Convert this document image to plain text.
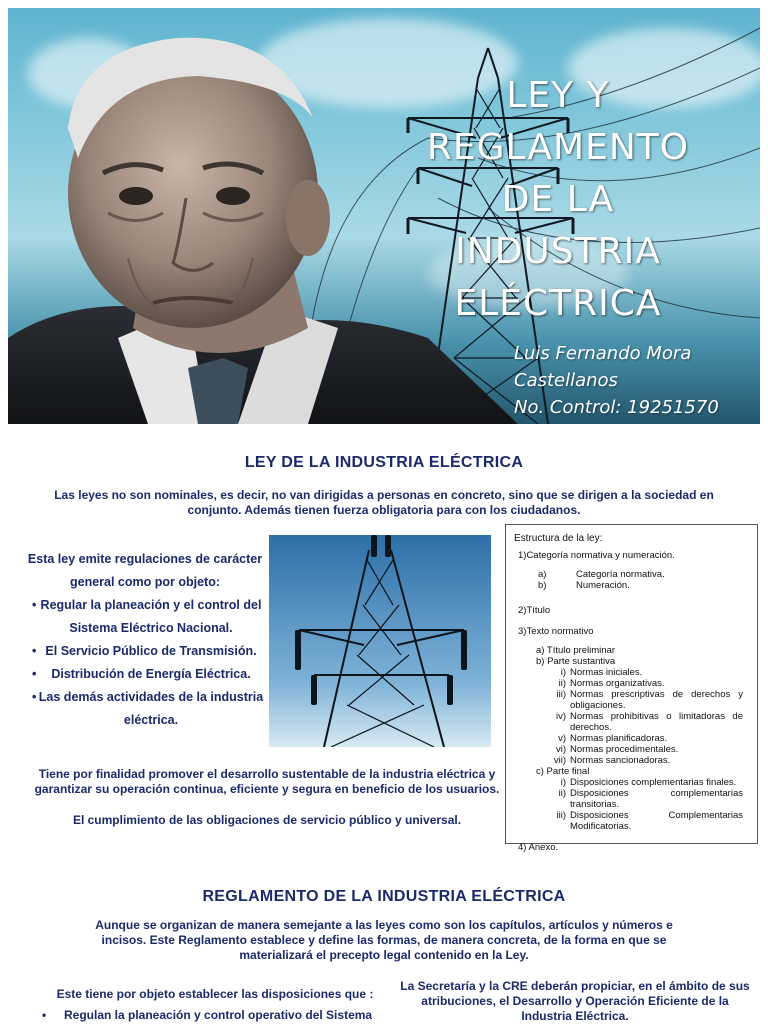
LEY Y
REGLAMENTO
DE LA
INDUSTRIA
ELÉCTRICA
Luis Fernando Mora
Castellanos
No. Control: 19251570
LEY DE LA INDUSTRIA ELÉCTRICA
Las leyes no son nominales, es decir, no van dirigidas a personas en concreto, sino que se dirigen a la sociedad en conjunto. Además tienen fuerza obligatoria para con los ciudadanos.
Esta ley emite regulaciones de carácter general como por objeto:
• Regular la planeación y el control del Sistema Eléctrico Nacional.
• El Servicio Público de Transmisión.
• Distribución de Energía Eléctrica.
• Las demás actividades de la industria eléctrica.
Estructura de la ley:
1)Categoría normativa y numeración.
a)	Categoría normativa.
b)	Numeración.
2)Título
3)Texto normativo
a) Título preliminar
b) Parte sustantiva
i) Normas iniciales.
ii) Normas organizativas.
iii) Normas prescriptivas de derechos y obligaciones.
iv) Normas prohibitivas o limitadoras de derechos.
v) Normas planificadoras.
vi) Normas procedimentales.
vii) Normas sancionadoras.
c) Parte final
i) Disposiciones complementarias finales.
ii) Disposiciones complementarias transitorias.
iii) Disposiciones Complementarias Modificatorias.
4) Anexo.
Tiene por finalidad promover el desarrollo sustentable de la industria eléctrica y garantizar su operación continua, eficiente y segura en beneficio de los usuarios.
El cumplimiento de las obligaciones de servicio público y universal.
REGLAMENTO DE LA INDUSTRIA ELÉCTRICA
Aunque se organizan de manera semejante a las leyes como son los capítulos, artículos y números e incisos. Este Reglamento establece y define las formas, de manera concreta, de la forma en que se materializará el precepto legal contenido en la Ley.
Este tiene por objeto establecer las disposiciones que :
• Regulan la planeación y control operativo del Sistema
La Secretaría y la CRE deberán propiciar, en el ámbito de sus atribuciones, el Desarrollo y Operación Eficiente de la Industria Eléctrica.
